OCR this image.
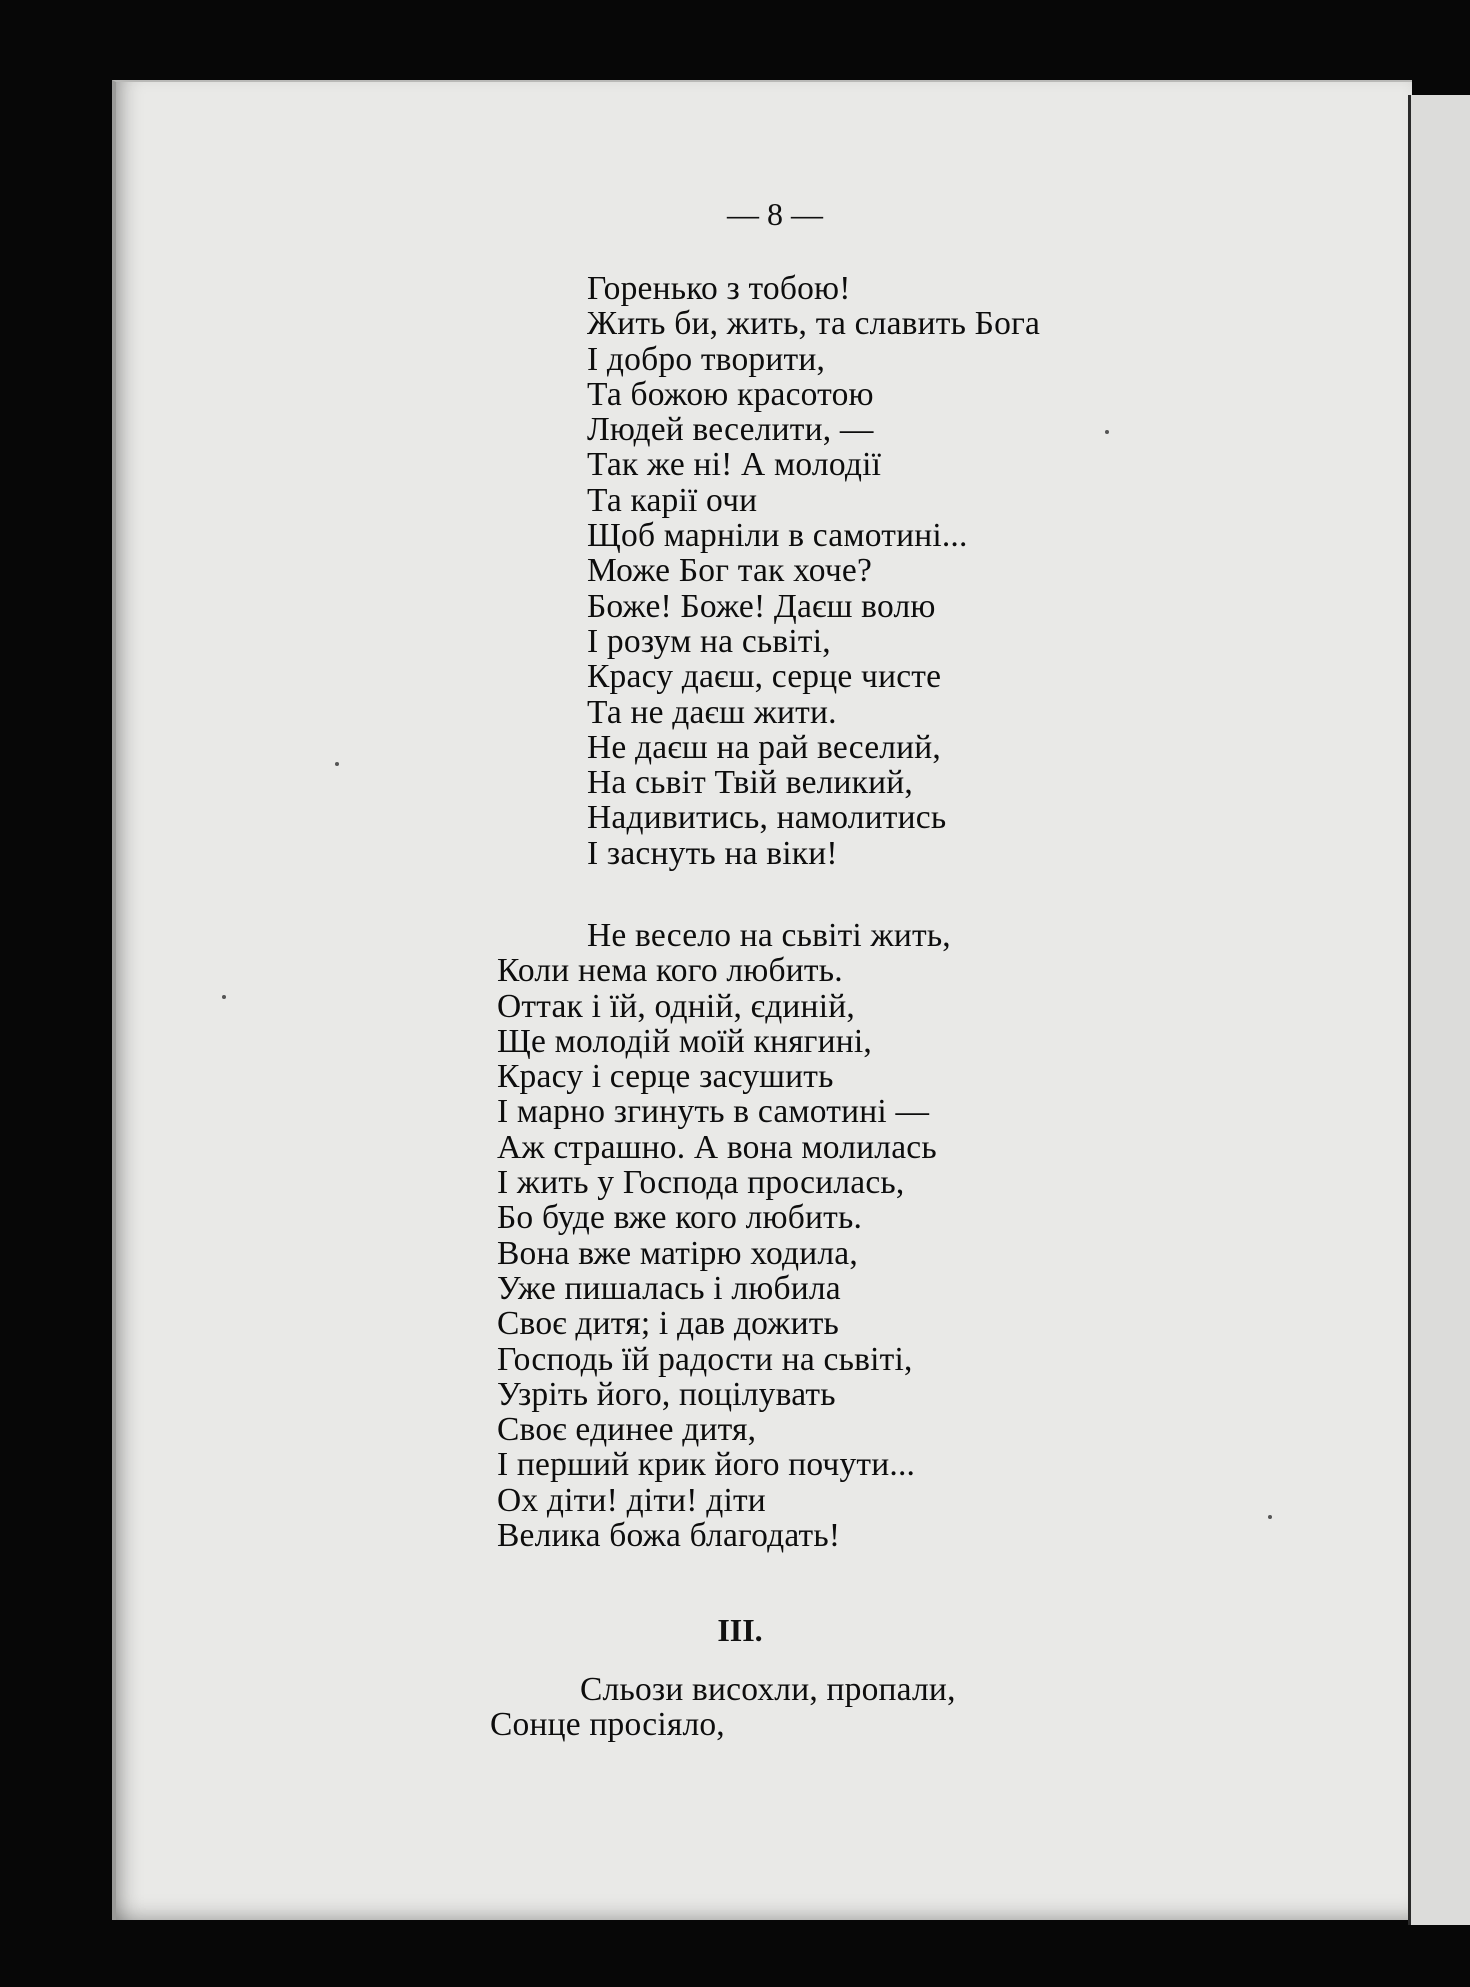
— 8 —

Горенько з тобою!
Жить би, жить, та славить Бога
І добро творити,
Та божою красотою
Людей веселити, —
Так же ні! А молодії
Та карії очи
Щоб марніли в самотині...
Може Бог так хоче?
Боже! Боже! Даєш волю
І розум на сьвіті,
Красу даєш, серце чисте
Та не даєш жити.
Не даєш на рай веселий,
На сьвіт Твій великий,
Надивитись, намолитись
І заснуть на віки!

Не весело на сьвіті жить,
Коли нема кого любить.
Оттак і їй, одній, єдиній,
Ще молодій моїй княгині,
Красу і серце засушить
І марно згинуть в самотині —
Аж страшно. А вона молилась
І жить у Господа просилась,
Бо буде вже кого любить.
Вона вже матірю ходила,
Уже пишалась і любила
Своє дитя; і дав дожить
Господь їй радости на сьвіті,
Узріть його, поцілувать
Своє единее дитя,
І перший крик його почути...
Ох діти! діти! діти
Велика божа благодать!

III.

Сльози висохли, пропали,
Сонце просіяло,
